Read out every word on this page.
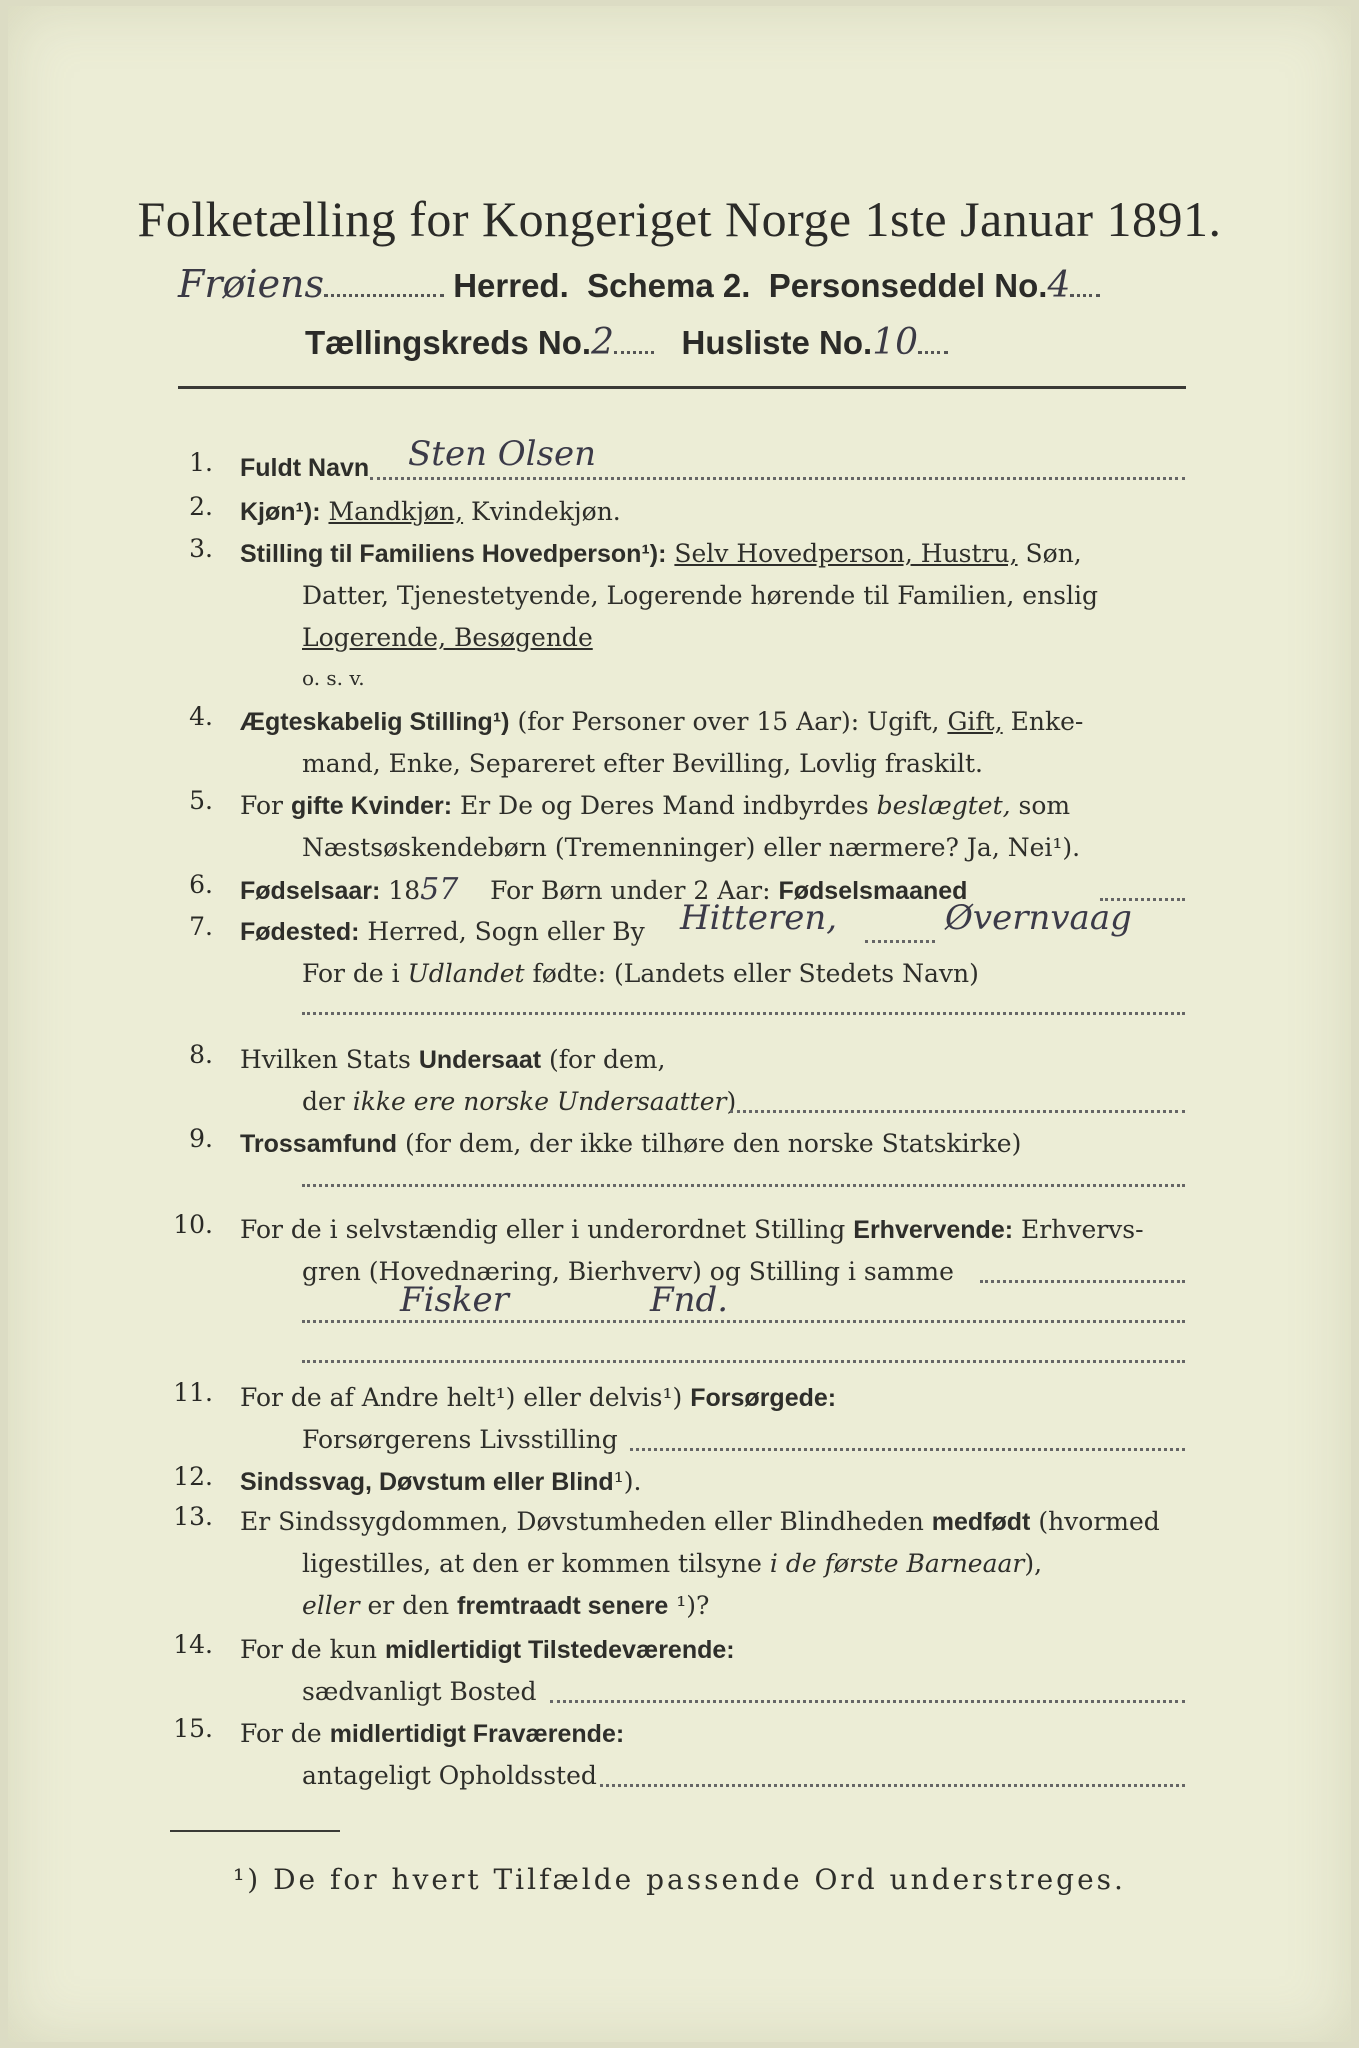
Folketælling for Kongeriget Norge 1ste Januar 1891.
Frøiens	Herred. Schema 2. Personseddel No.4
Tællingskreds No.2 Husliste No.10
1. Fuldt Navn Sten Olsen
2. Kjøn¹): Mandkjøn, Kvindekjøn.
3. Stilling til Familiens Hovedperson¹): Selv Hovedperson, Hustru, Søn,
Datter, Tjenestetyende, Logerende hørende til Familien, enslig
Logerende, Besøgende
o. s. v.
4. Ægteskabelig Stilling¹) (for Personer over 15 Aar): Ugift, Gift, Enke-
mand, Enke, Separeret efter Bevilling, Lovlig fraskilt.
5. For gifte Kvinder: Er De og Deres Mand indbyrdes beslægtet, som
Næstsøskendebørn (Tremenninger) eller nærmere? Ja, Nei¹).
6. Fødselsaar: 1857 For Børn under 2 Aar: Fødselsmaaned
7. Fødested: Herred, Sogn eller By Hitteren,	Øvernvaag
For de i Udlandet fødte: (Landets eller Stedets Navn)
8. Hvilken Stats Undersaat (for dem,
der ikke ere norske Undersaatter)
9. Trossamfund (for dem, der ikke tilhøre den norske Statskirke)
10. For de i selvstændig eller i underordnet Stilling Erhvervende: Erhvervs-
gren (Hovednæring, Bierhverv) og Stilling i samme
Fisker	Fnd.
11. For de af Andre helt¹) eller delvis¹) Forsørgede:
Forsørgerens Livsstilling
12. Sindssvag, Døvstum eller Blind¹).
13. Er Sindssygdommen, Døvstumheden eller Blindheden medfødt (hvormed
ligestilles, at den er kommen tilsyne i de første Barneaar),
eller er den fremtraadt senere ¹)?
14. For de kun midlertidigt Tilstedeværende:
sædvanligt Bosted
15. For de midlertidigt Fraværende:
antageligt Opholdssted
¹) De for hvert Tilfælde passende Ord understreges.
